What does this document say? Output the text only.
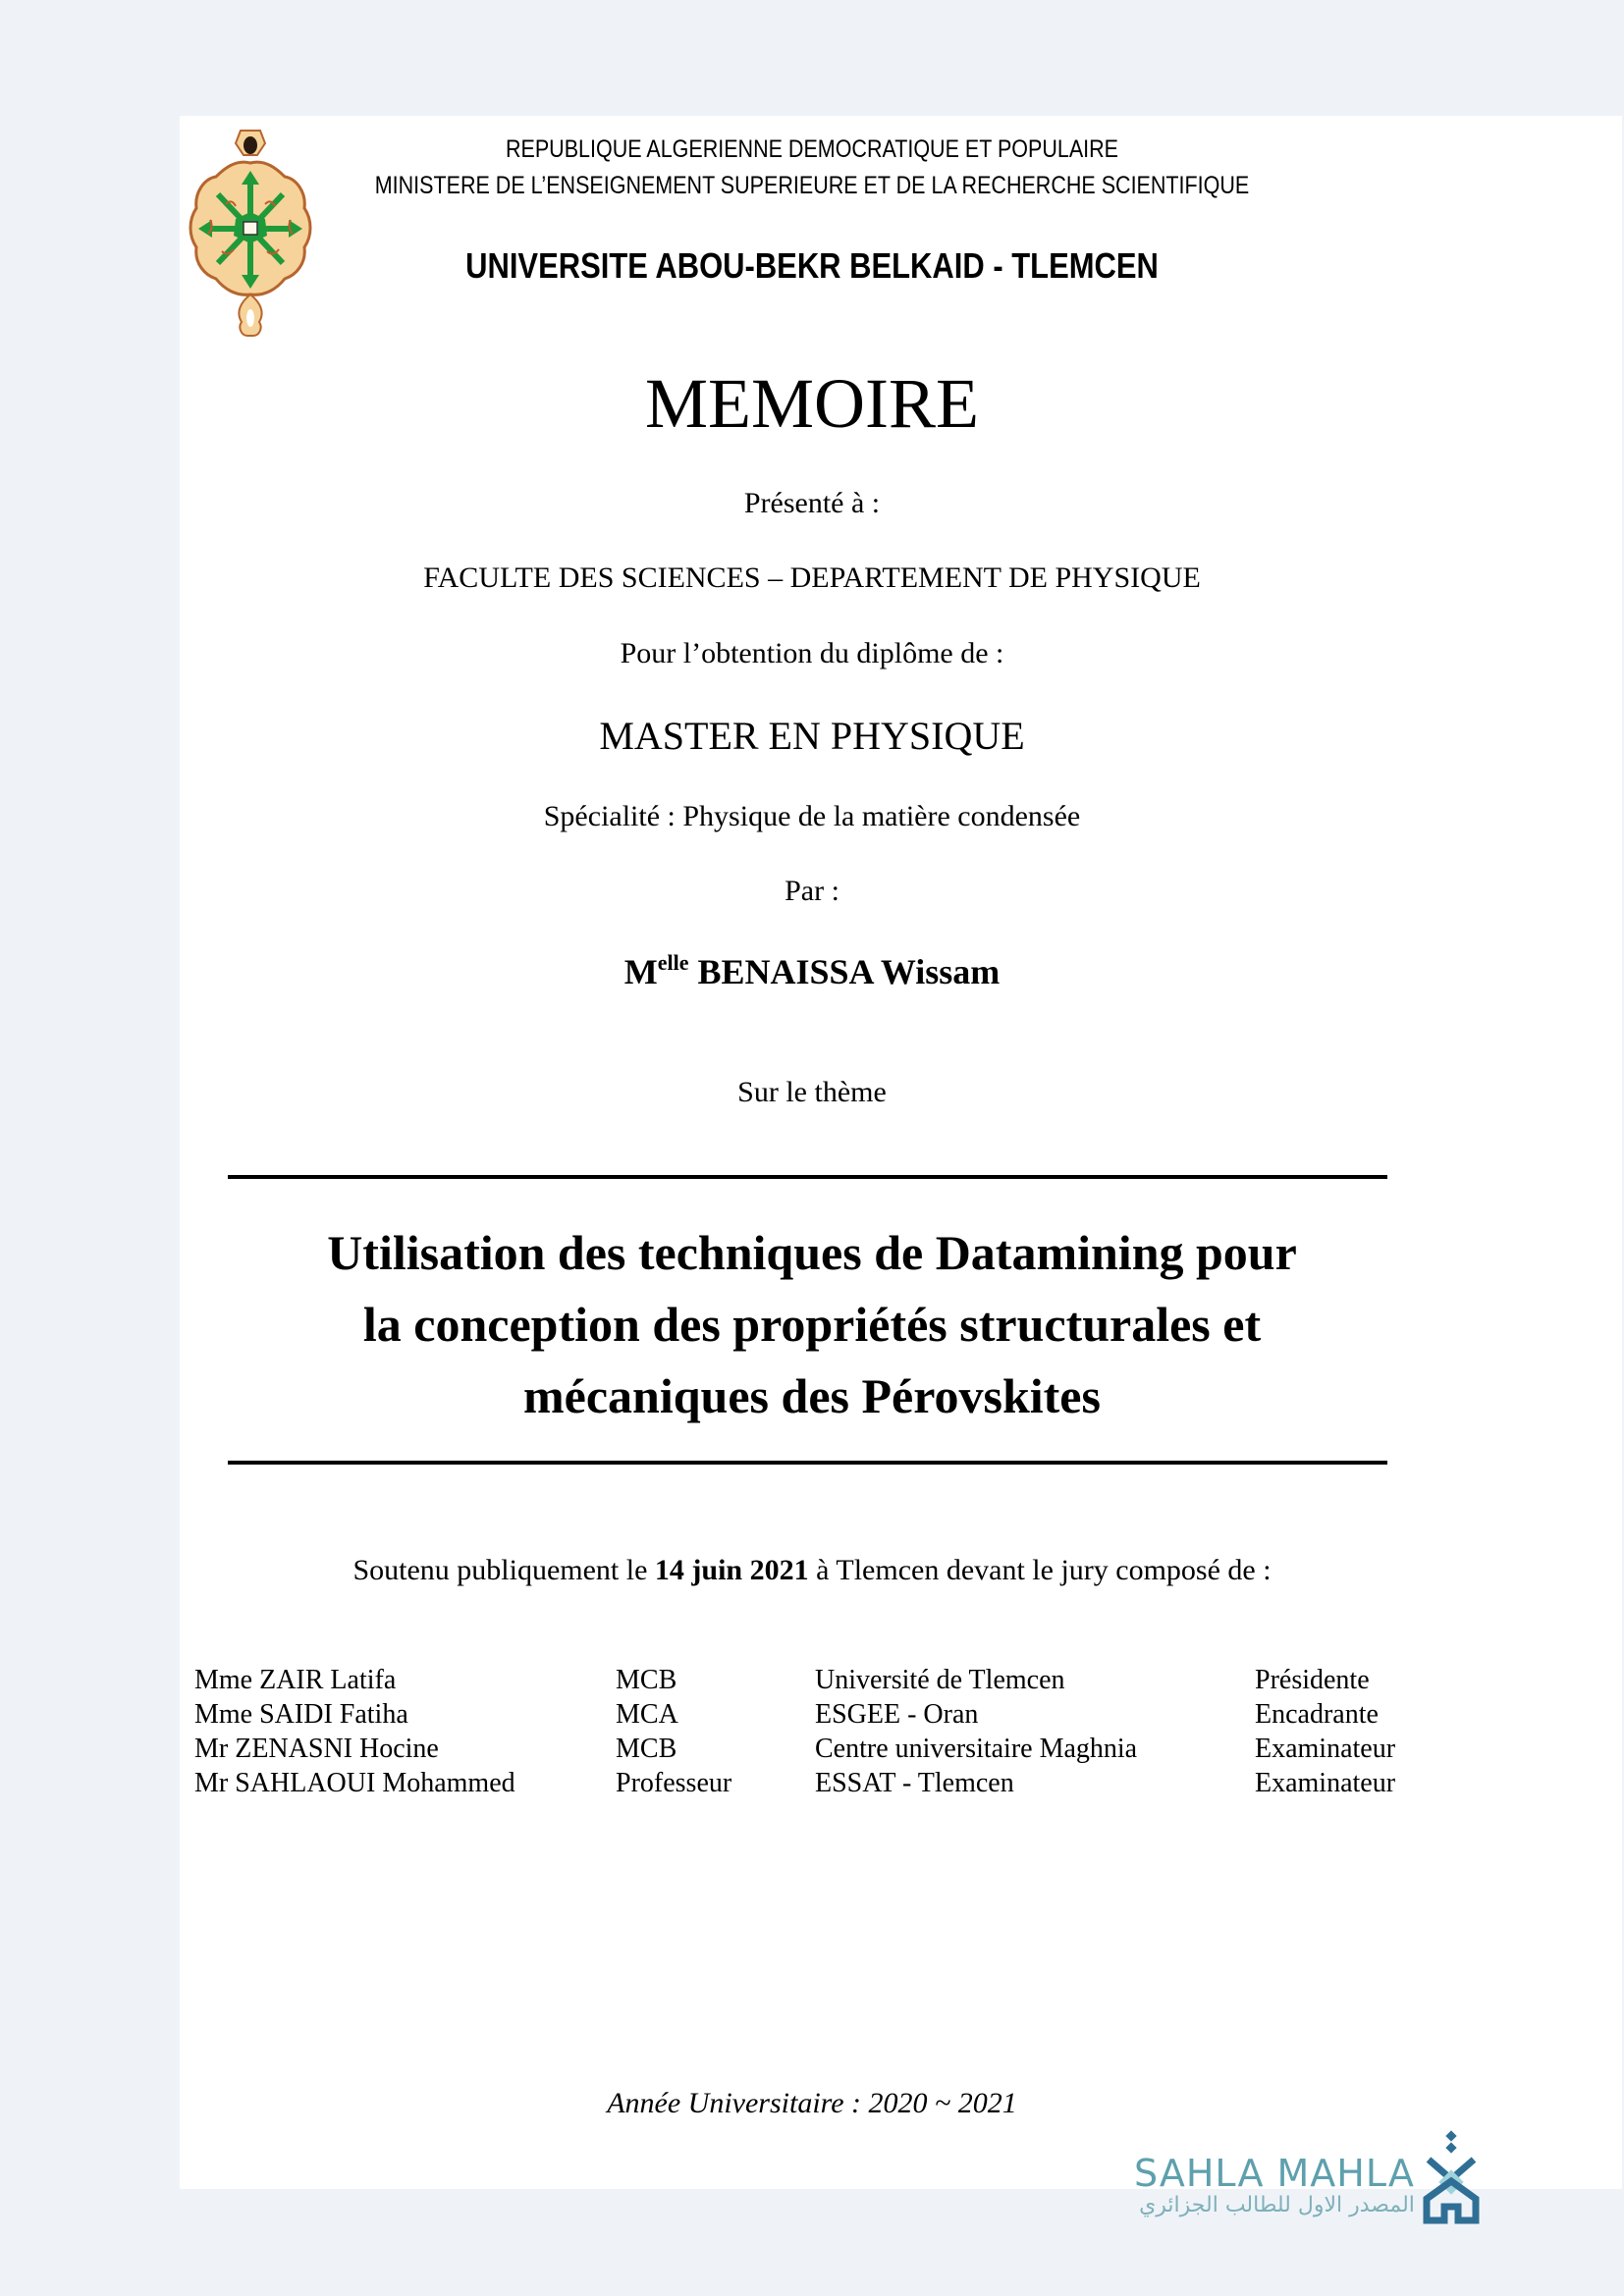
REPUBLIQUE ALGERIENNE DEMOCRATIQUE ET POPULAIRE
MINISTERE DE L’ENSEIGNEMENT SUPERIEURE ET DE LA RECHERCHE SCIENTIFIQUE
UNIVERSITE ABOU-BEKR BELKAID - TLEMCEN
MEMOIRE
Présenté à :
FACULTE DES SCIENCES – DEPARTEMENT DE PHYSIQUE
Pour l’obtention du diplôme de :
MASTER EN PHYSIQUE
Spécialité : Physique de la matière condensée
Par :
$M^{elle}$ BENAISSA Wissam
Sur le thème
Utilisation des techniques de Datamining pour
la conception des propriétés structurales et
mécaniques des Pérovskites
Soutenu publiquement le 14 juin 2021 à Tlemcen devant le jury composé de :
Mme ZAIR Latifa	MCB	Université de Tlemcen	Présidente
Mme SAIDI Fatiha	MCA	ESGEE - Oran	Encadrante
Mr ZENASNI Hocine	MCB	Centre universitaire Maghnia	Examinateur
Mr SAHLAOUI Mohammed	Professeur	ESSAT - Tlemcen	Examinateur
Année Universitaire : 2020 ~ 2021
SAHLA MAHLA
المصدر الاول للطالب الجزائري
